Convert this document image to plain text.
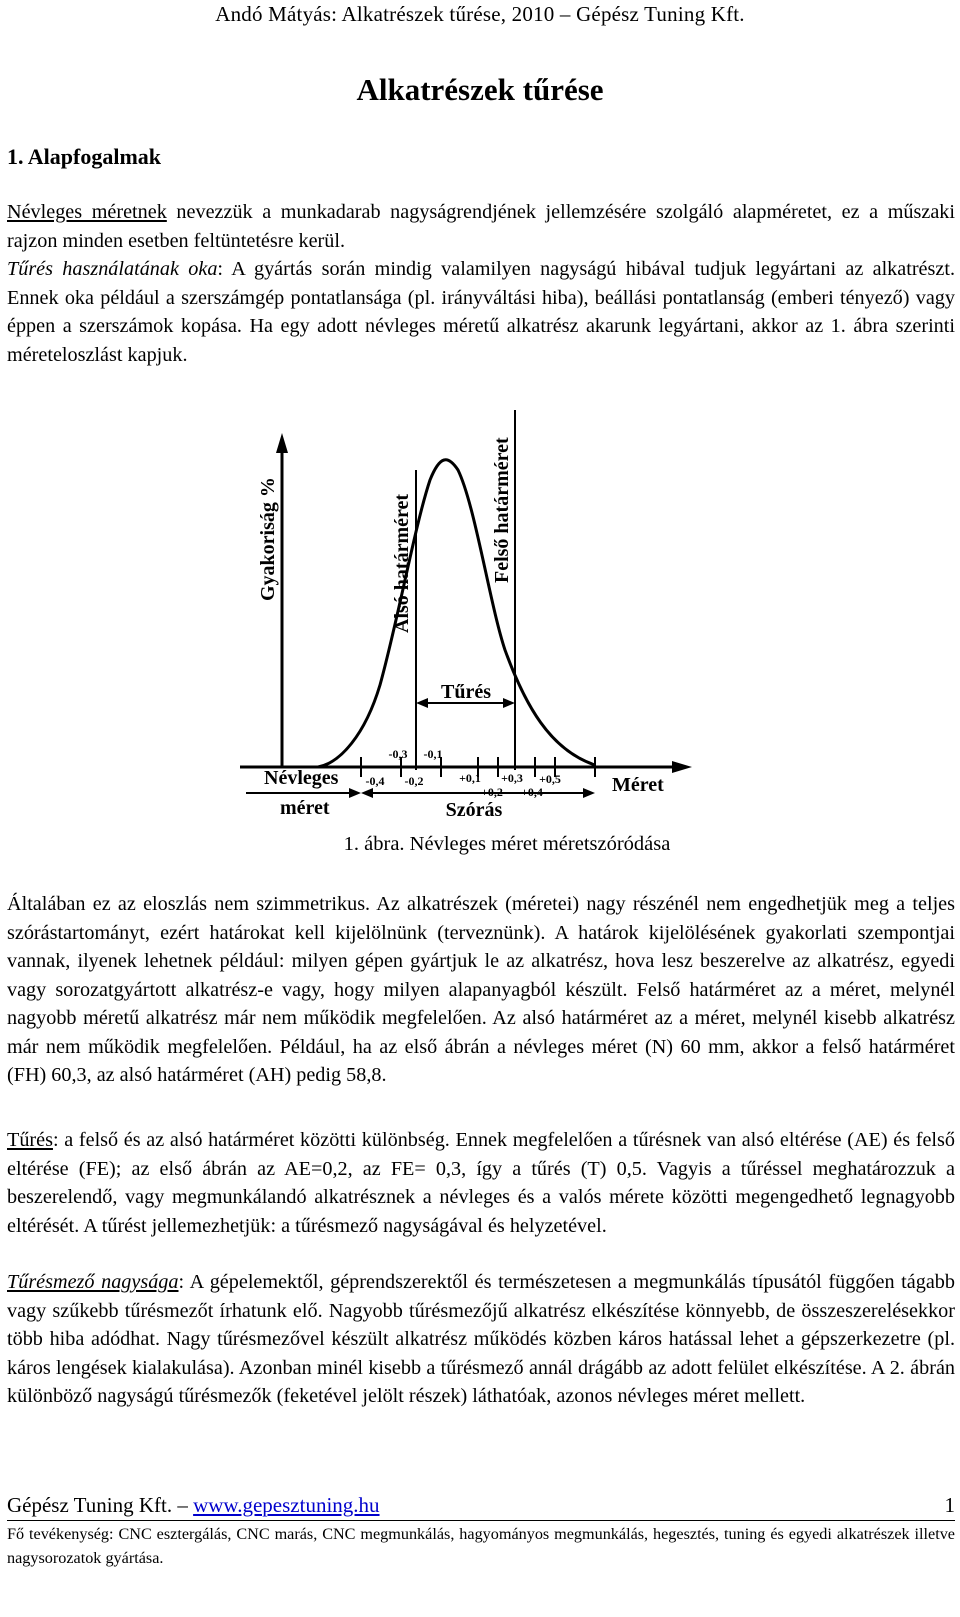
Andó Mátyás: Alkatrészek tűrése, 2010 – Gépész Tuning Kft.
Alkatrészek tűrése
1. Alapfogalmak
Névleges méretnek nevezzük a munkadarab nagyságrendjének jellemzésére szolgáló alapméretet, ez a műszaki rajzon minden esetben feltüntetésre kerül.
Tűrés használatának oka: A gyártás során mindig valamilyen nagyságú hibával tudjuk legyártani az alkatrészt. Ennek oka például a szerszámgép pontatlansága (pl. irányváltási hiba), beállási pontatlanság (emberi tényező) vagy éppen a szerszámok kopása. Ha egy adott névleges méretű alkatrész akarunk legyártani, akkor az 1. ábra szerinti méreteloszlást kapjuk.
Gyakoriság %	Alsó határméret	Felső határméret
Tűrés
Névleges
méret
Méret
Szórás
-0,3 -0,1
-0,4 -0,2	+0,1 +0,3 +0,5
+0,2 +0,4
1. ábra. Névleges méret méretszóródása
Általában ez az eloszlás nem szimmetrikus. Az alkatrészek (méretei) nagy részénél nem engedhetjük meg a teljes szórástartományt, ezért határokat kell kijelölnünk (terveznünk). A határok kijelölésének gyakorlati szempontjai vannak, ilyenek lehetnek például: milyen gépen gyártjuk le az alkatrész, hova lesz beszerelve az alkatrész, egyedi vagy sorozatgyártott alkatrész-e vagy, hogy milyen alapanyagból készült. Felső határméret az a méret, melynél nagyobb méretű alkatrész már nem működik megfelelően. Az alsó határméret az a méret, melynél kisebb alkatrész már nem működik megfelelően. Például, ha az első ábrán a névleges méret (N) 60 mm, akkor a felső határméret (FH) 60,3, az alsó határméret (AH) pedig 58,8.
Tűrés: a felső és az alsó határméret közötti különbség. Ennek megfelelően a tűrésnek van alsó eltérése (AE) és felső eltérése (FE); az első ábrán az AE=0,2, az FE= 0,3, így a tűrés (T) 0,5. Vagyis a tűréssel meghatározzuk a beszerelendő, vagy megmunkálandó alkatrésznek a névleges és a valós mérete közötti megengedhető legnagyobb eltérését. A tűrést jellemezhetjük: a tűrésmező nagyságával és helyzetével.
Tűrésmező nagysága: A gépelemektől, géprendszerektől és természetesen a megmunkálás típusától függően tágabb vagy szűkebb tűrésmezőt írhatunk elő. Nagyobb tűrésmezőjű alkatrész elkészítése könnyebb, de összeszerelésekkor több hiba adódhat. Nagy tűrésmezővel készült alkatrész működés közben káros hatással lehet a gépszerkezetre (pl. káros lengések kialakulása). Azonban minél kisebb a tűrésmező annál drágább az adott felület elkészítése. A 2. ábrán különböző nagyságú tűrésmezők (feketével jelölt részek) láthatóak, azonos névleges méret mellett.
Gépész Tuning Kft. – www.gepesztuning.hu	1
Fő tevékenység: CNC esztergálás, CNC marás, CNC megmunkálás, hagyományos megmunkálás, hegesztés, tuning és egyedi alkatrészek illetve nagysorozatok gyártása.
